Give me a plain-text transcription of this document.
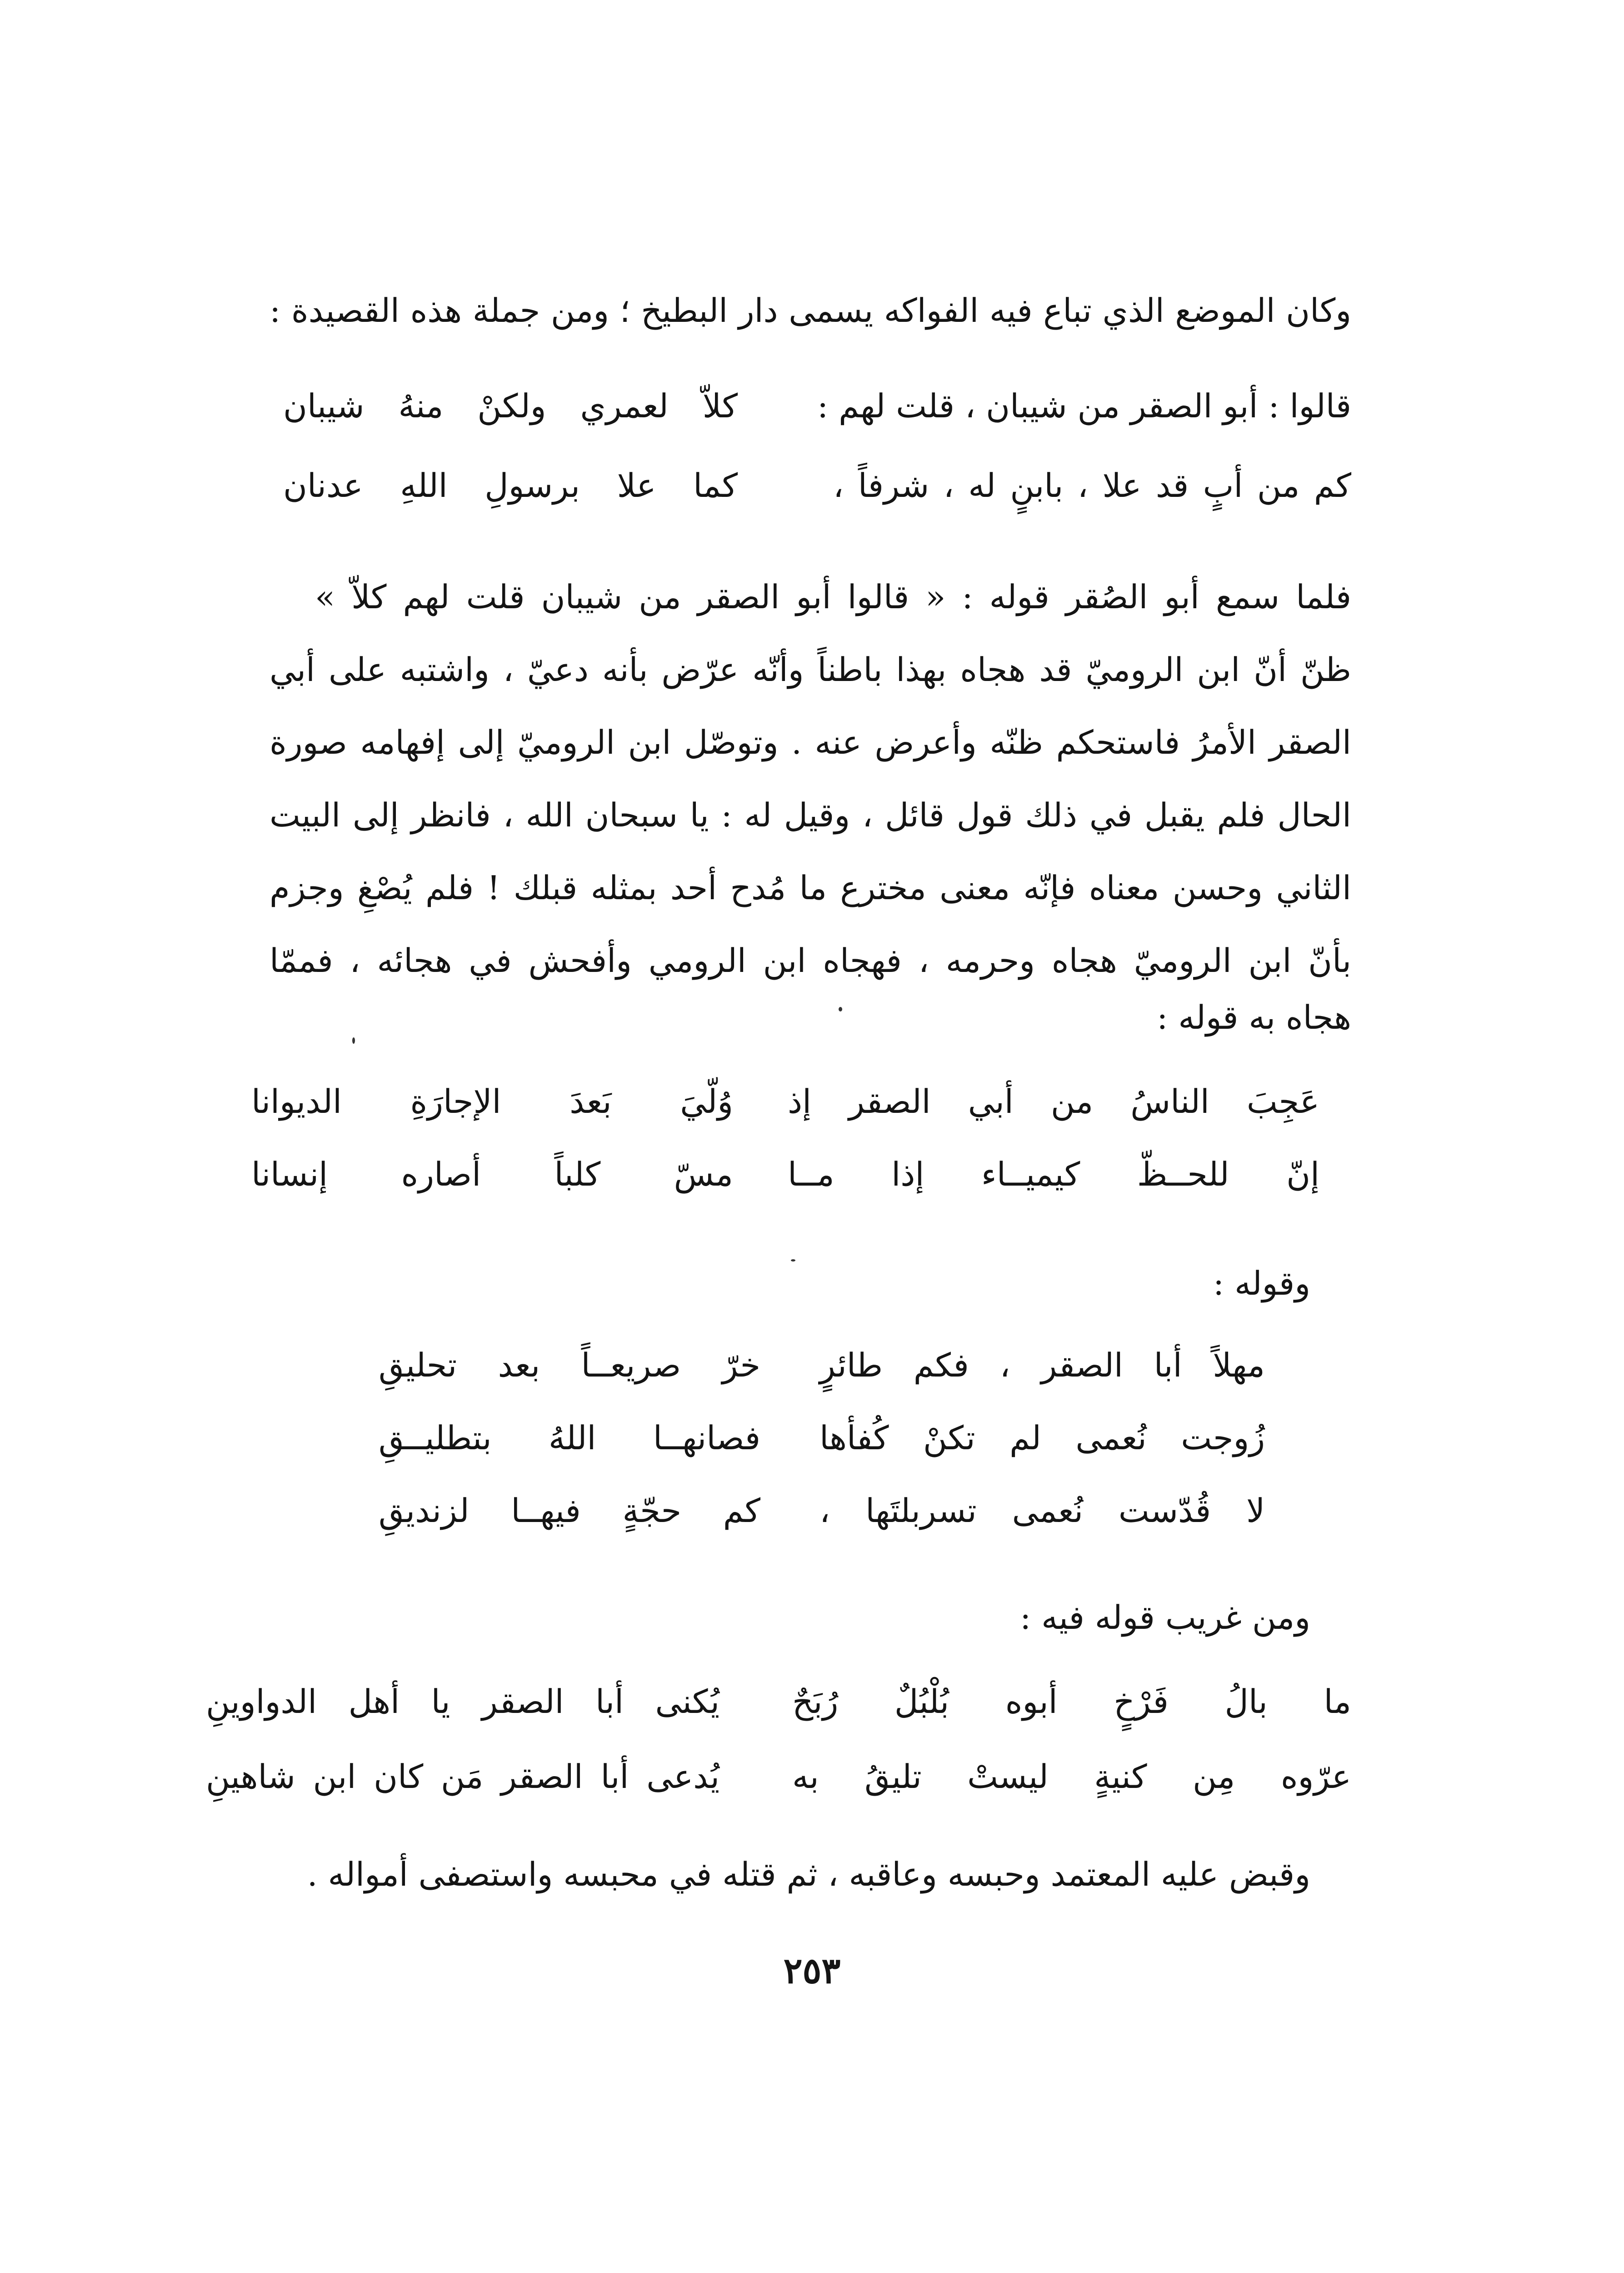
وكان الموضع الذي تباع فيه الفواكه يسمى دار البطيخ ؛ ومن جملة هذه القصيدة :
قالوا : أبو الصقر من شيبان ، قلت لهم :
كلاّ لعمري ولكنْ منهُ شيبان
كم من أبٍ قد علا ، بابنٍ له ، شرفاً ،
كما علا برسولِ اللهِ عدنان
فلما سمع أبو الصُقر قوله : « قالوا أبو الصقر من شيبان قلت لهم كلاّ »
ظنّ أنّ ابن الروميّ قد هجاه بهذا باطناً وأنّه عرّض بأنه دعيّ ، واشتبه على أبي
الصقر الأمرُ فاستحكم ظنّه وأعرض عنه . وتوصّل ابن الروميّ إلى إفهامه صورة
الحال فلم يقبل في ذلك قول قائل ، وقيل له : يا سبحان الله ، فانظر إلى البيت
الثاني وحسن معناه فإنّه معنى مخترع ما مُدح أحد بمثله قبلك ! فلم يُصْغِ وجزم
بأنّ ابن الروميّ هجاه وحرمه ، فهجاه ابن الرومي وأفحش في هجائه ، فممّا
هجاه به قوله :
عَجِبَ الناسُ من أبي الصقر إذ
وُلّيَ بَعدَ الإجارَةِ الديوانا
إنّ للحــظّ كيميــاء إذا مــا
مسّ كلباً أصاره إنسانا
وقوله :
مهلاً أبا الصقر ، فكم طائرٍ
خرّ صريعــاً بعد تحليقِ
زُوجت نُعمى لم تكنْ كُفأها
فصانهــا اللهُ بتطليــقِ
لا قُدّست نُعمى تسربلتَها ،
كم حجّةٍ فيهــا لزنديقِ
ومن غريب قوله فيه :
ما بالُ فَرْخٍ أبوه بُلْبُلٌ رُبَحٌ
يُكنى أبا الصقر يا أهل الدواوينِ
عرّوه مِن كنيةٍ ليستْ تليقُ به
يُدعى أبا الصقر مَن كان ابن شاهينِ
وقبض عليه المعتمد وحبسه وعاقبه ، ثم قتله في محبسه واستصفى أمواله .
٢٥٣
